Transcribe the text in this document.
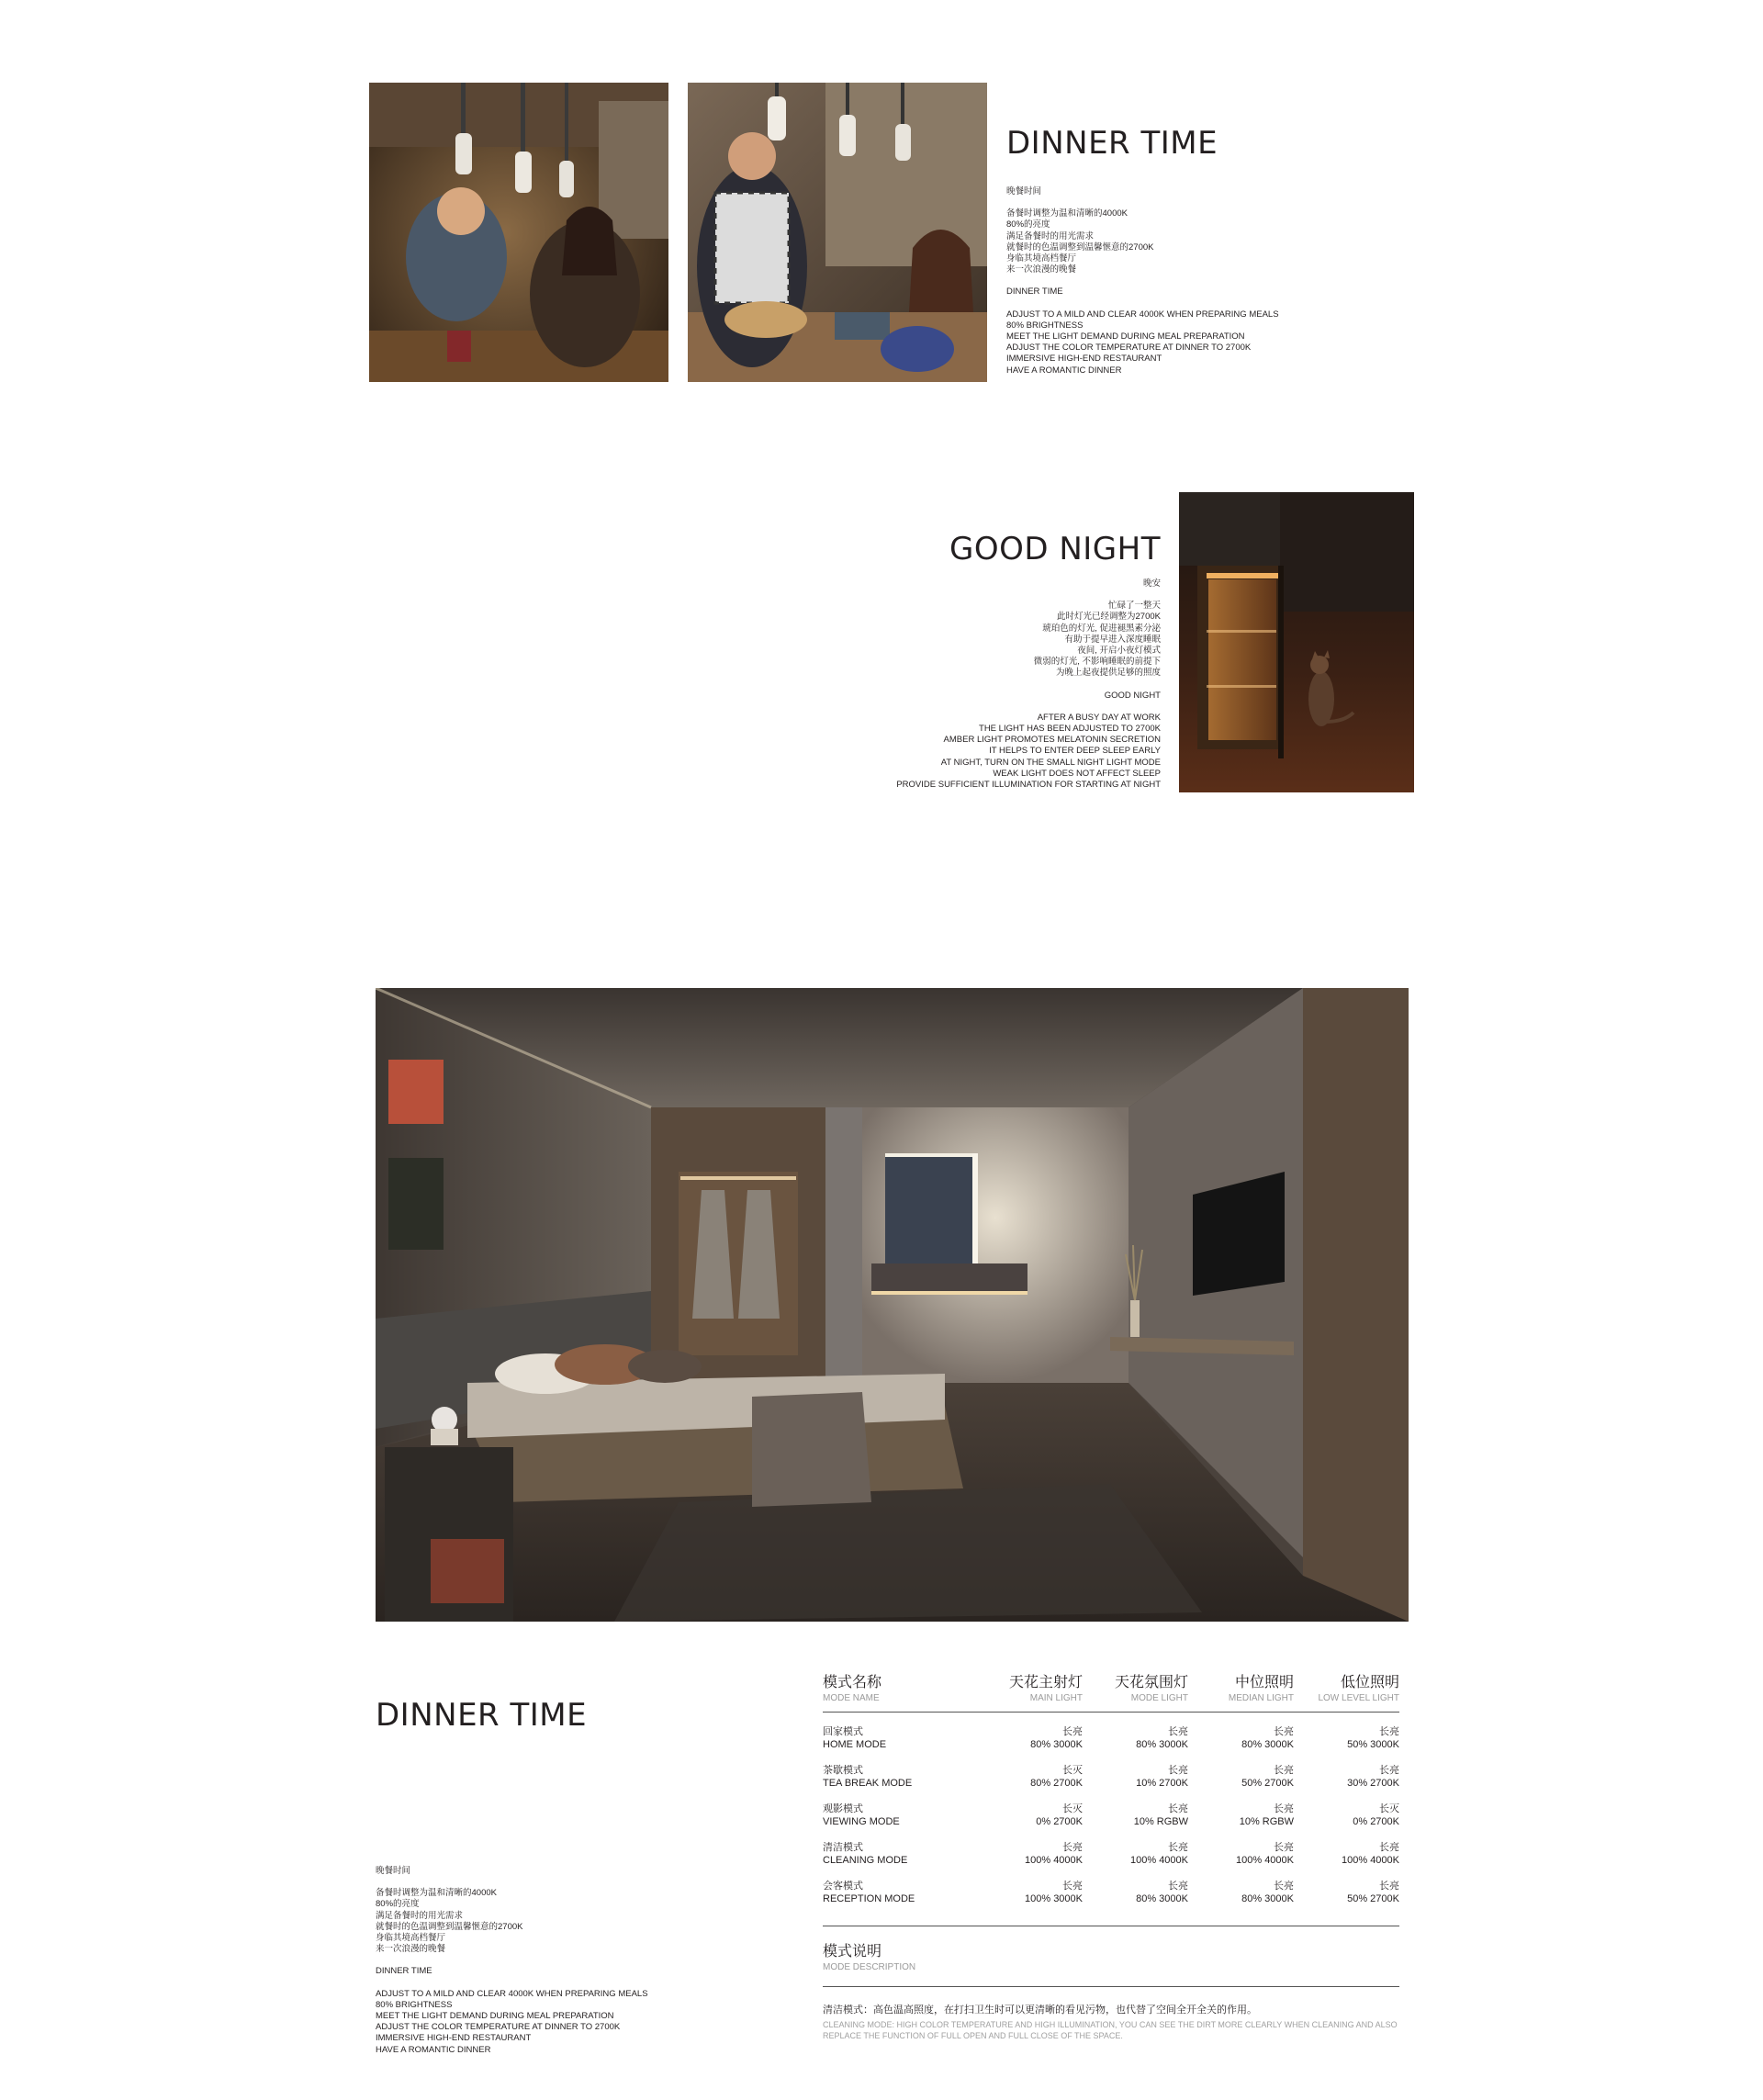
DINNER TIME

晚餐时间

备餐时调整为温和清晰的4000K

80%的亮度

满足备餐时的用光需求

就餐时的色温调整到温馨惬意的2700K

身临其境高档餐厅

来一次浪漫的晚餐

DINNER TIME

ADJUST TO A MILD AND CLEAR 4000K WHEN PREPARING MEALS

80% BRIGHTNESS

MEET THE LIGHT DEMAND DURING MEAL PREPARATION

ADJUST THE COLOR TEMPERATURE AT DINNER TO 2700K

IMMERSIVE HIGH-END RESTAURANT

HAVE A ROMANTIC DINNER

GOOD NIGHT

晚安

忙碌了一整天

此时灯光已经调整为2700K

琥珀色的灯光, 促进褪黑素分泌

有助于提早进入深度睡眠

夜间, 开启小夜灯模式

微弱的灯光, 不影响睡眠的前提下

为晚上起夜提供足够的照度

GOOD NIGHT

AFTER A BUSY DAY AT WORK

THE LIGHT HAS BEEN ADJUSTED TO 2700K

AMBER LIGHT PROMOTES MELATONIN SECRETION

IT HELPS TO ENTER DEEP SLEEP EARLY

AT NIGHT, TURN ON THE SMALL NIGHT LIGHT MODE

WEAK LIGHT DOES NOT AFFECT SLEEP

PROVIDE SUFFICIENT ILLUMINATION FOR STARTING AT NIGHT

DINNER TIME

晚餐时间

备餐时调整为温和清晰的4000K

80%的亮度

满足备餐时的用光需求

就餐时的色温调整到温馨惬意的2700K

身临其境高档餐厅

来一次浪漫的晚餐

DINNER TIME

ADJUST TO A MILD AND CLEAR 4000K WHEN PREPARING MEALS

80% BRIGHTNESS

MEET THE LIGHT DEMAND DURING MEAL PREPARATION

ADJUST THE COLOR TEMPERATURE AT DINNER TO 2700K

IMMERSIVE HIGH-END RESTAURANT

HAVE A ROMANTIC DINNER

模式名称
MODE NAME
天花主射灯
MAIN LIGHT
天花氛围灯
MODE LIGHT
中位照明
MEDIAN LIGHT
低位照明
LOW LEVEL LIGHT
回家模式
HOME MODE
长亮
80% 3000K
长亮
80% 3000K
长亮
80% 3000K
长亮
50% 3000K
茶歇模式
TEA BREAK MODE
长灭
80% 2700K
长亮
10% 2700K
长亮
50% 2700K
长亮
30% 2700K
观影模式
VIEWING MODE
长灭
0% 2700K
长亮
10% RGBW
长亮
10% RGBW
长灭
0% 2700K
清洁模式
CLEANING MODE
长亮
100% 4000K
长亮
100% 4000K
长亮
100% 4000K
长亮
100% 4000K
会客模式
RECEPTION MODE
长亮
100% 3000K
长亮
80% 3000K
长亮
80% 3000K
长亮
50% 2700K
模式说明
MODE DESCRIPTION
清洁模式：高色温高照度，在打扫卫生时可以更清晰的看见污物，也代替了空间全开全关的作用。
CLEANING MODE: HIGH COLOR TEMPERATURE AND HIGH ILLUMINATION, YOU CAN SEE THE DIRT MORE CLEARLY WHEN CLEANING AND ALSO REPLACE THE FUNCTION OF FULL OPEN AND FULL CLOSE OF THE SPACE.
